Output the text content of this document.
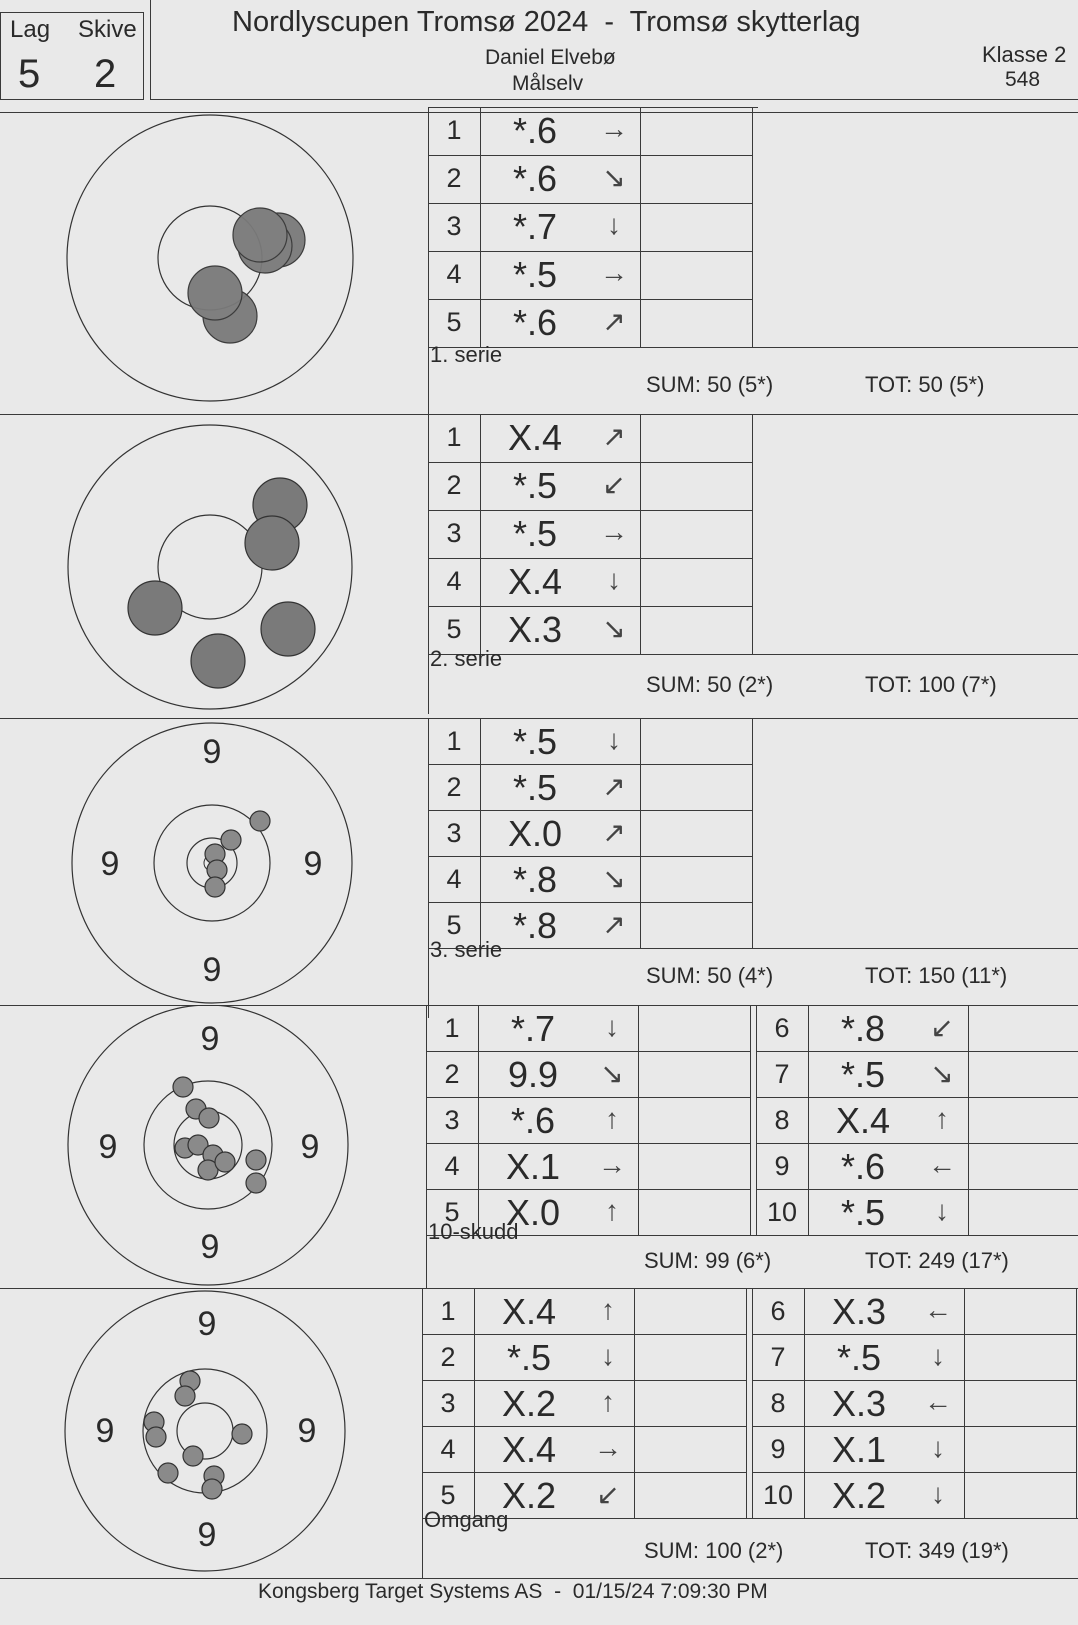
Lag Skive
5 2
Nordlyscupen Tromsø 2024  -  Tromsø skytterlag
Daniel Elvebø
Målselv
Klasse 2
548
9
9
9	9
9
9
9	9
9
9
9	9
1	*.6	→
2	*.6	↘
3	*.7	↓
4	*.5	→
5	*.6	↗
1. serie
SUM: 50 (5*)	TOT: 50 (5*)
1	X.4	↗
2	*.5	↙
3	*.5	→
4	X.4	↓
5	X.3	↘
2. serie
SUM: 50 (2*)	TOT: 100 (7*)
1	*.5	↓
2	*.5	↗
3	X.0	↗
4	*.8	↘
5	*.8	↗
3. serie
SUM: 50 (4*)	TOT: 150 (11*)
1	*.7	↓
2	9.9	↘
3	*.6	↑
4	X.1	→
5	X.0	↑
6	*.8	↙
7	*.5	↘
8	X.4	↑
9	*.6	←
10	*.5	↓
10-skudd
SUM: 99 (6*)	TOT: 249 (17*)
1	X.4	↑
2	*.5	↓
3	X.2	↑
4	X.4	→
5	X.2	↙
6	X.3	←
7	*.5	↓
8	X.3	←
9	X.1	↓
10	X.2	↓
Omgang
SUM: 100 (2*)	TOT: 349 (19*)
Kongsberg Target Systems AS  -  01/15/24 7:09:30 PM
